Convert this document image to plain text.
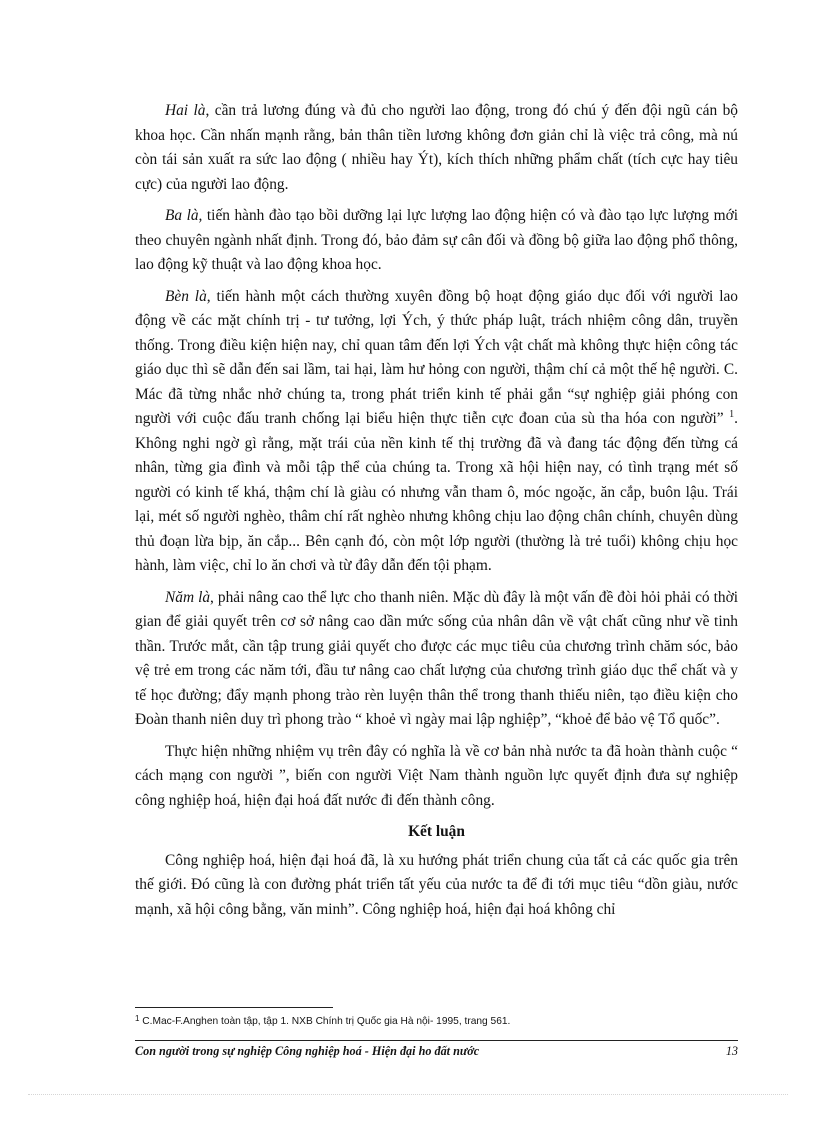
Hai là, cần trả lương đúng và đủ cho người lao động, trong đó chú ý đến đội ngũ cán bộ khoa học. Cần nhấn mạnh rằng, bản thân tiền lương không đơn giản chỉ là việc trả công, mà nú còn tái sản xuất ra sức lao động ( nhiều hay Ýt), kích thích những phẩm chất (tích cực hay tiêu cực) của người lao động.

Ba là, tiến hành đào tạo bồi dưỡng lại lực lượng lao động hiện có và đào tạo lực lượng mới theo chuyên ngành nhất định. Trong đó, bảo đảm sự cân đối và đồng bộ giữa lao động phổ thông, lao động kỹ thuật và lao động khoa học.

Bèn là, tiến hành một cách thường xuyên đồng bộ hoạt động giáo dục đối với người lao động về các mặt chính trị - tư tưởng, lợi Ých, ý thức pháp luật, trách nhiệm công dân, truyền thống. Trong điều kiện hiện nay, chỉ quan tâm đến lợi Ých vật chất mà không thực hiện công tác giáo dục thì sẽ dẫn đến sai lầm, tai hại, làm hư hỏng con người, thậm chí cả một thế hệ người. C. Mác đã từng nhắc nhở chúng ta, trong phát triển kinh tế phải gắn “sự nghiệp giải phóng con người với cuộc đấu tranh chống lại biểu hiện thực tiễn cực đoan của sù tha hóa con người” $^1$. Không nghi ngờ gì rằng, mặt trái của nền kinh tế thị trường đã và đang tác động đến từng cá nhân, từng gia đình và mỗi tập thể của chúng ta. Trong xã hội hiện nay, có tình trạng mét số người có kinh tế khá, thậm chí là giàu có nhưng vẫn tham ô, móc ngoặc, ăn cắp, buôn lậu. Trái lại, mét số người nghèo, thâm chí rất nghèo nhưng không chịu lao động chân chính, chuyên dùng thủ đoạn lừa bịp, ăn cắp... Bên cạnh đó, còn một lớp người (thường là trẻ tuổi) không chịu học hành, làm việc, chỉ lo ăn chơi và từ đây dẫn đến tội phạm.

Năm là, phải nâng cao thể lực cho thanh niên. Mặc dù đây là một vấn đề đòi hỏi phải có thời gian để giải quyết trên cơ sở nâng cao dần mức sống của nhân dân về vật chất cũng như về tinh thần. Trước mắt, cần tập trung giải quyết cho được các mục tiêu của chương trình chăm sóc, bảo vệ trẻ em trong các năm tới, đầu tư nâng cao chất lượng của chương trình giáo dục thể chất và y tế học đường; đẩy mạnh phong trào rèn luyện thân thể trong thanh thiếu niên, tạo điều kiện cho Đoàn thanh niên duy trì phong trào “ khoẻ vì ngày mai lập nghiệp”, “khoẻ để bảo vệ Tổ quốc”.

Thực hiện những nhiệm vụ trên đây có nghĩa là về cơ bản nhà nước ta đã hoàn thành cuộc “ cách mạng con người ”, biến con người Việt Nam thành nguồn lực quyết định đưa sự nghiệp công nghiệp hoá, hiện đại hoá đất nước đi đến thành công.

Kết luận

Công nghiệp hoá, hiện đại hoá đã, là xu hướng phát triển chung của tất cả các quốc gia trên thế giới. Đó cũng là con đường phát triển tất yếu của nước ta để đi tới mục tiêu “dồn giàu, nước mạnh, xã hội công bằng, văn minh”. Công nghiệp hoá, hiện đại hoá không chỉ

$^1$ C.Mac-F.Anghen toàn tập, tập 1. NXB Chính trị Quốc gia Hà nội- 1995, trang 561.
Con người trong sự nghiệp Công nghiệp hoá - Hiện đại ho đất nước	13
